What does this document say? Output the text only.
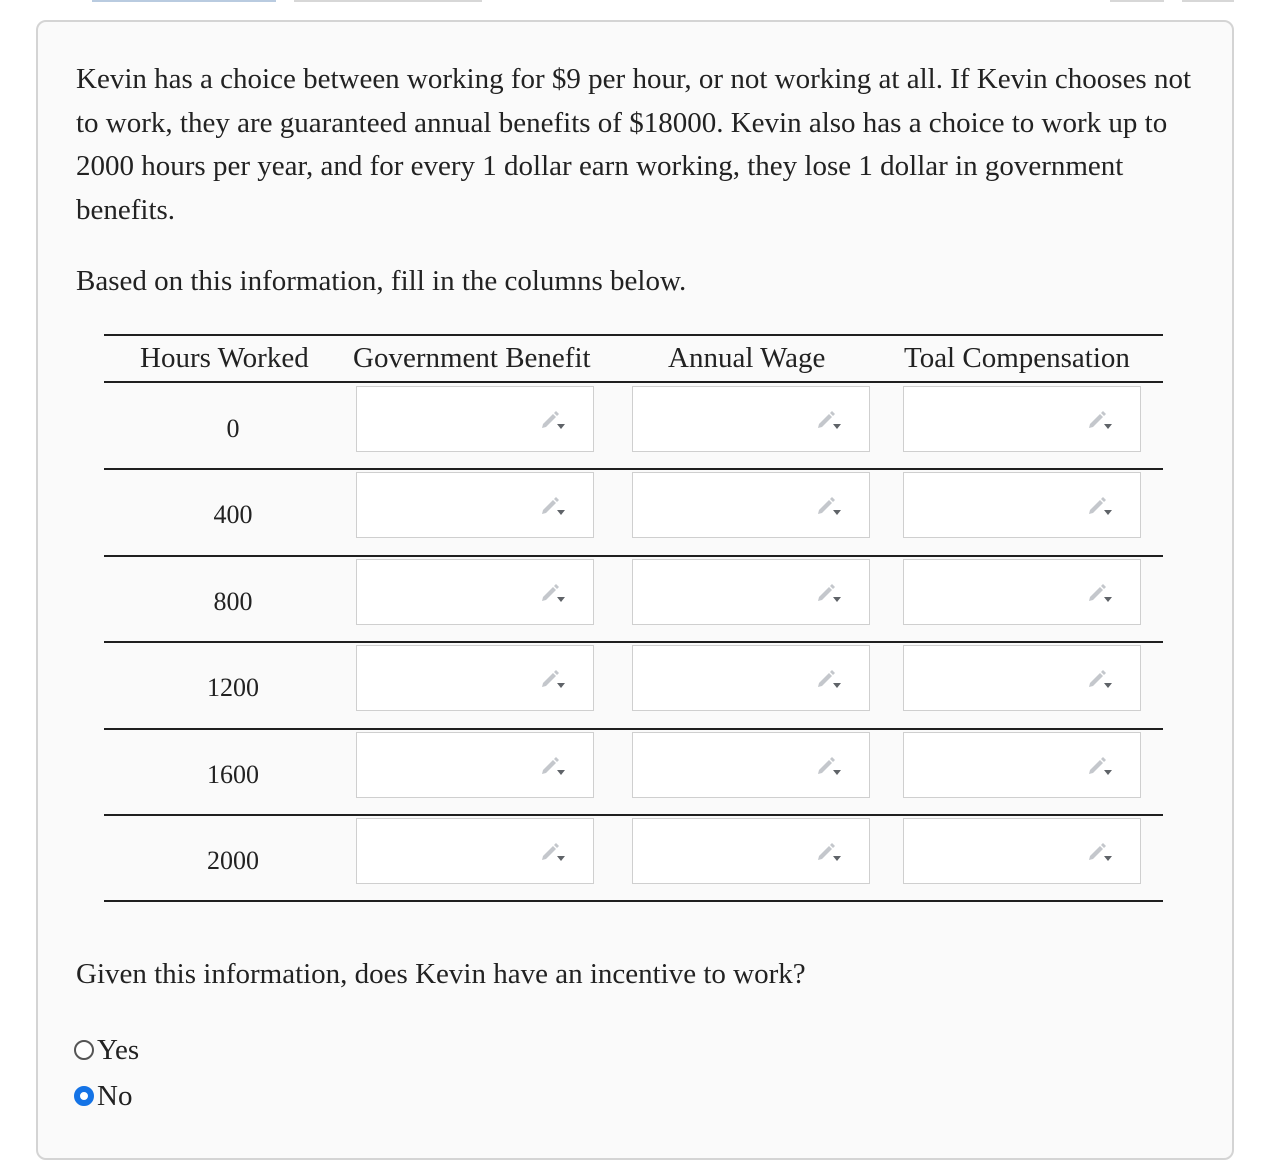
Kevin has a choice between working for $9 per hour, or not working at all. If Kevin chooses not to work, they are guaranteed annual benefits of $18000. Kevin also has a choice to work up to 2000 hours per year, and for every 1 dollar earn working, they lose 1 dollar in government benefits.

Based on this information, fill in the columns below.

Hours Worked Government Benefit	Annual Wage	Toal Compensation
0
400
800
1200
1600
2000

Given this information, does Kevin have an incentive to work?

Yes
No
